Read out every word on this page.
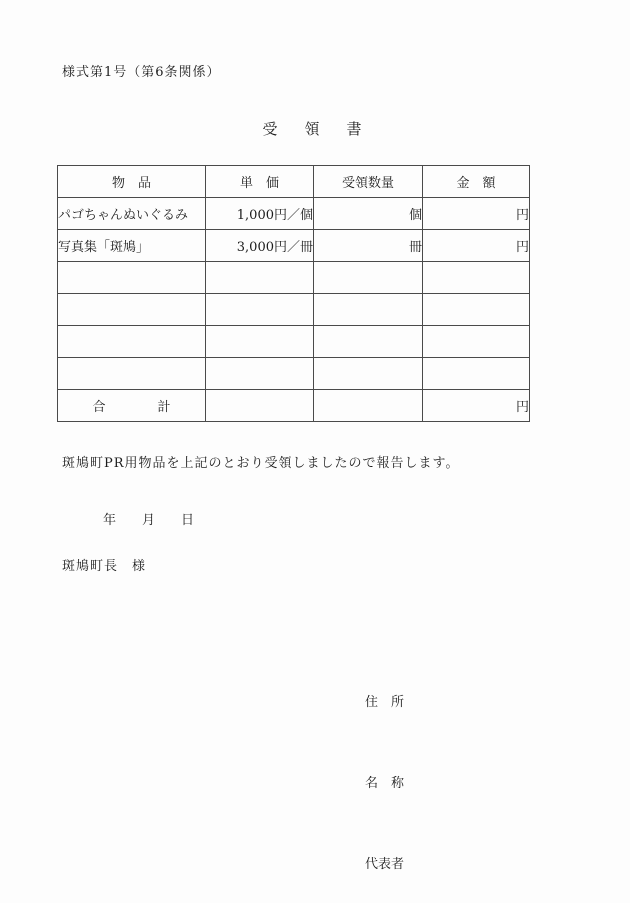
様式第1号（第6条関係）
受　領　書
物　品	単　価	受領数量	金　額
パゴちゃんぬいぐるみ	1,000円／個	個	円
写真集「斑鳩」	3,000円／冊	冊	円

合　　　　計			円
斑鳩町PR用物品を上記のとおり受領しましたので報告します。
年　　月　　日
斑鳩町長　様

住　所

名　称

代表者
